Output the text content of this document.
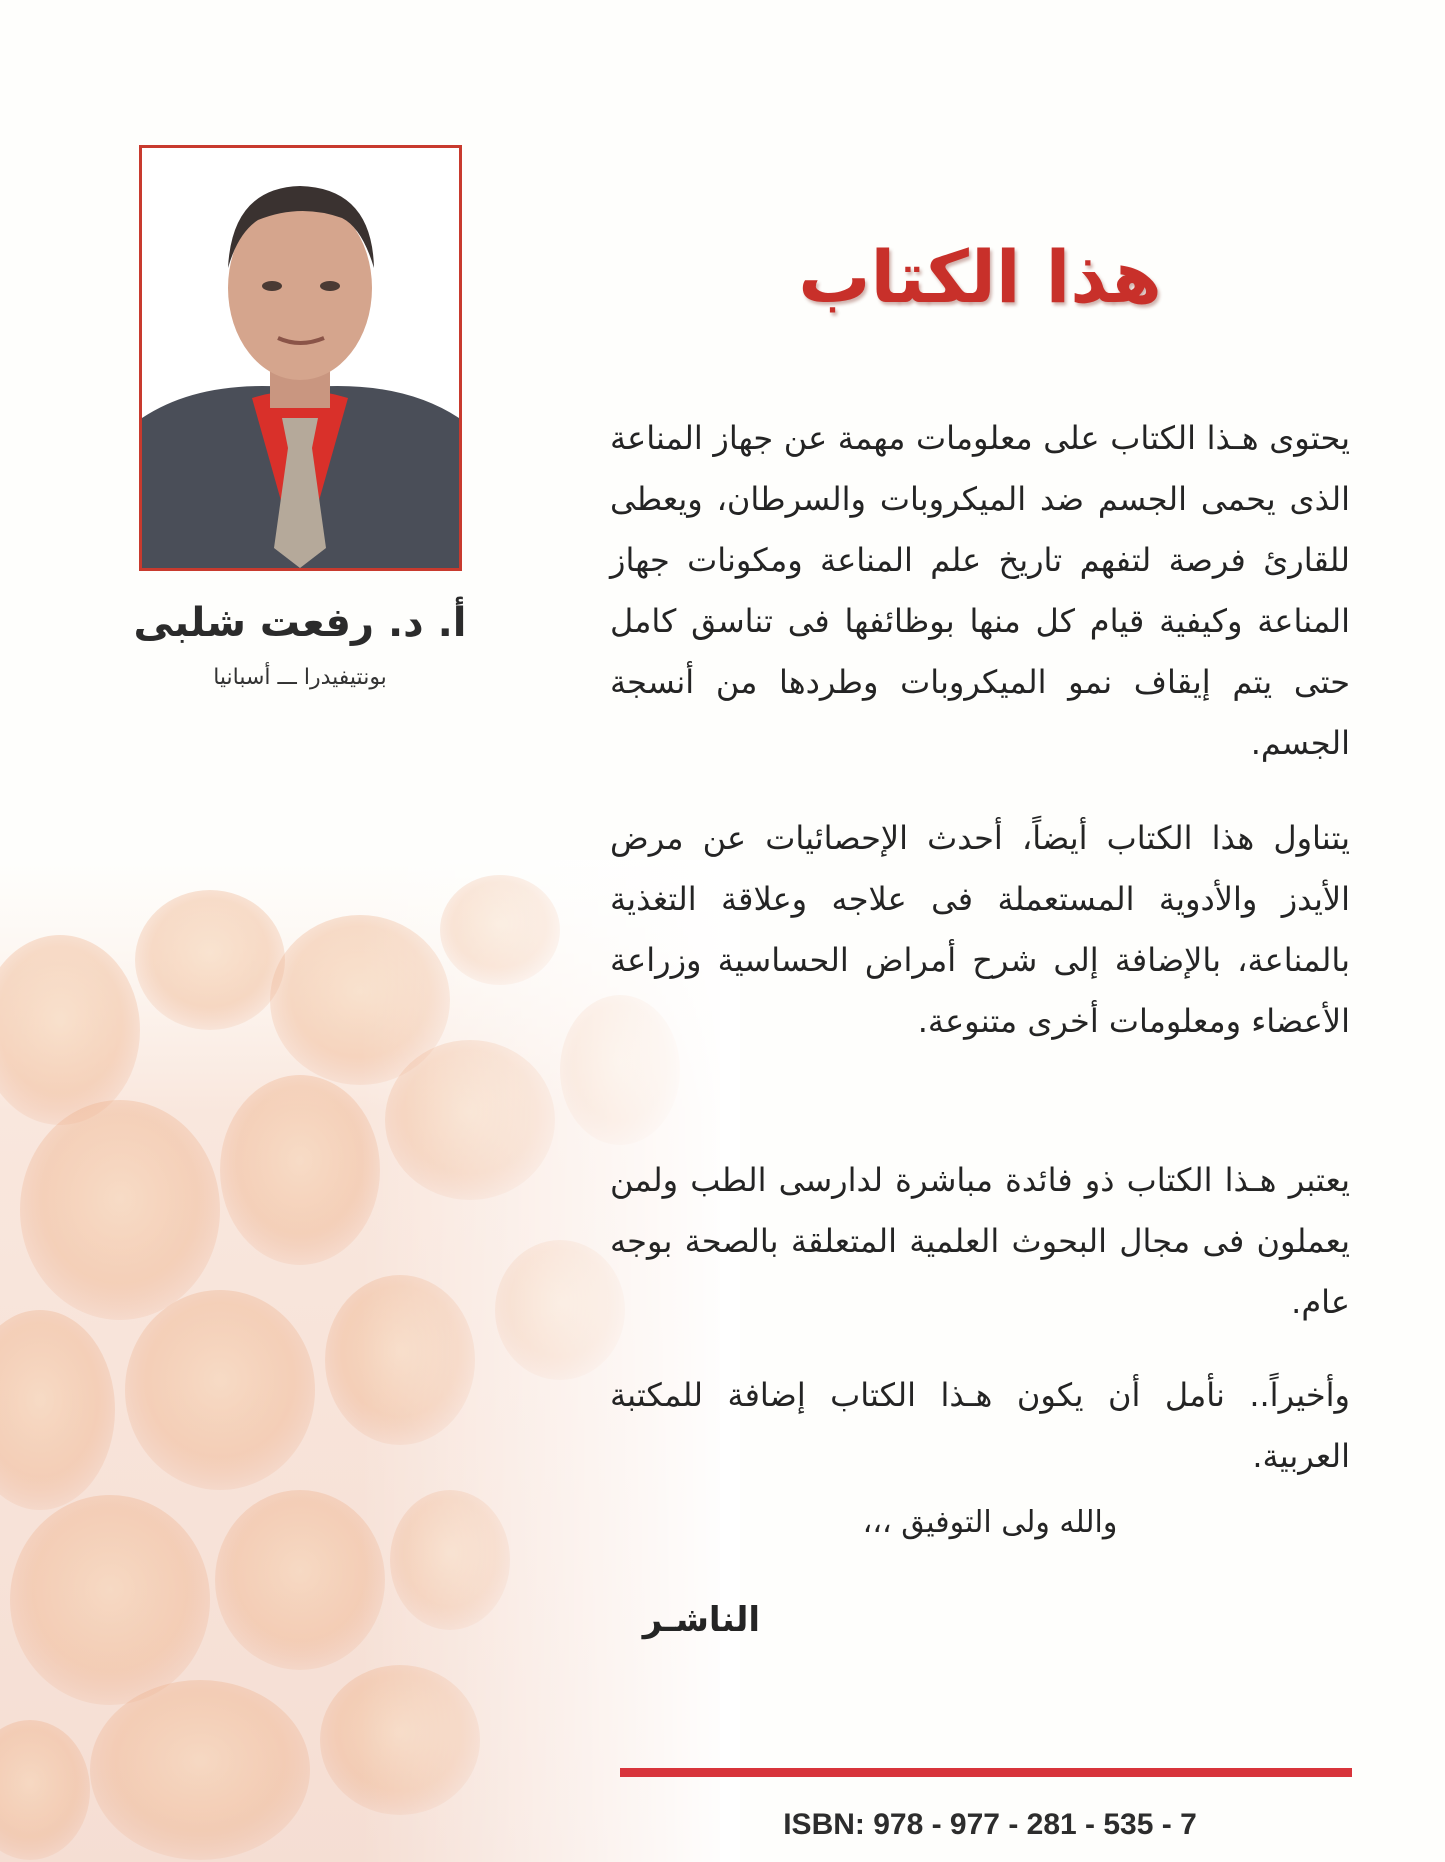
أ. د. رفعت شلبى
بونتيفيدرا ـــ أسبانيا
هذا الكتاب

يحتوى هـذا الكتاب على معلومات مهمة عن جهاز المناعة الذى يحمى الجسم ضد الميكروبات والسرطان، ويعطى للقارئ فرصة لتفهم تاريخ علم المناعة ومكونات جهاز المناعة وكيفية قيام كل منها بوظائفها فى تناسق كامل حتى يتم إيقاف نمو الميكروبات وطردها من أنسجة الجسم.

يتناول هذا الكتاب أيضاً، أحدث الإحصائيات عن مرض الأيدز والأدوية المستعملة فى علاجه وعلاقة التغذية بالمناعة، بالإضافة إلى شرح أمراض الحساسية وزراعة الأعضاء ومعلومات أخرى متنوعة.

يعتبر هـذا الكتاب ذو فائدة مباشرة لدارسى الطب ولمن يعملون فى مجال البحوث العلمية المتعلقة بالصحة بوجه عام.

وأخيراً.. نأمل أن يكون هـذا الكتاب إضافة للمكتبة العربية.

والله ولى التوفيق ،،،
الناشـر
ISBN: 978 - 977 - 281 - 535 - 7
